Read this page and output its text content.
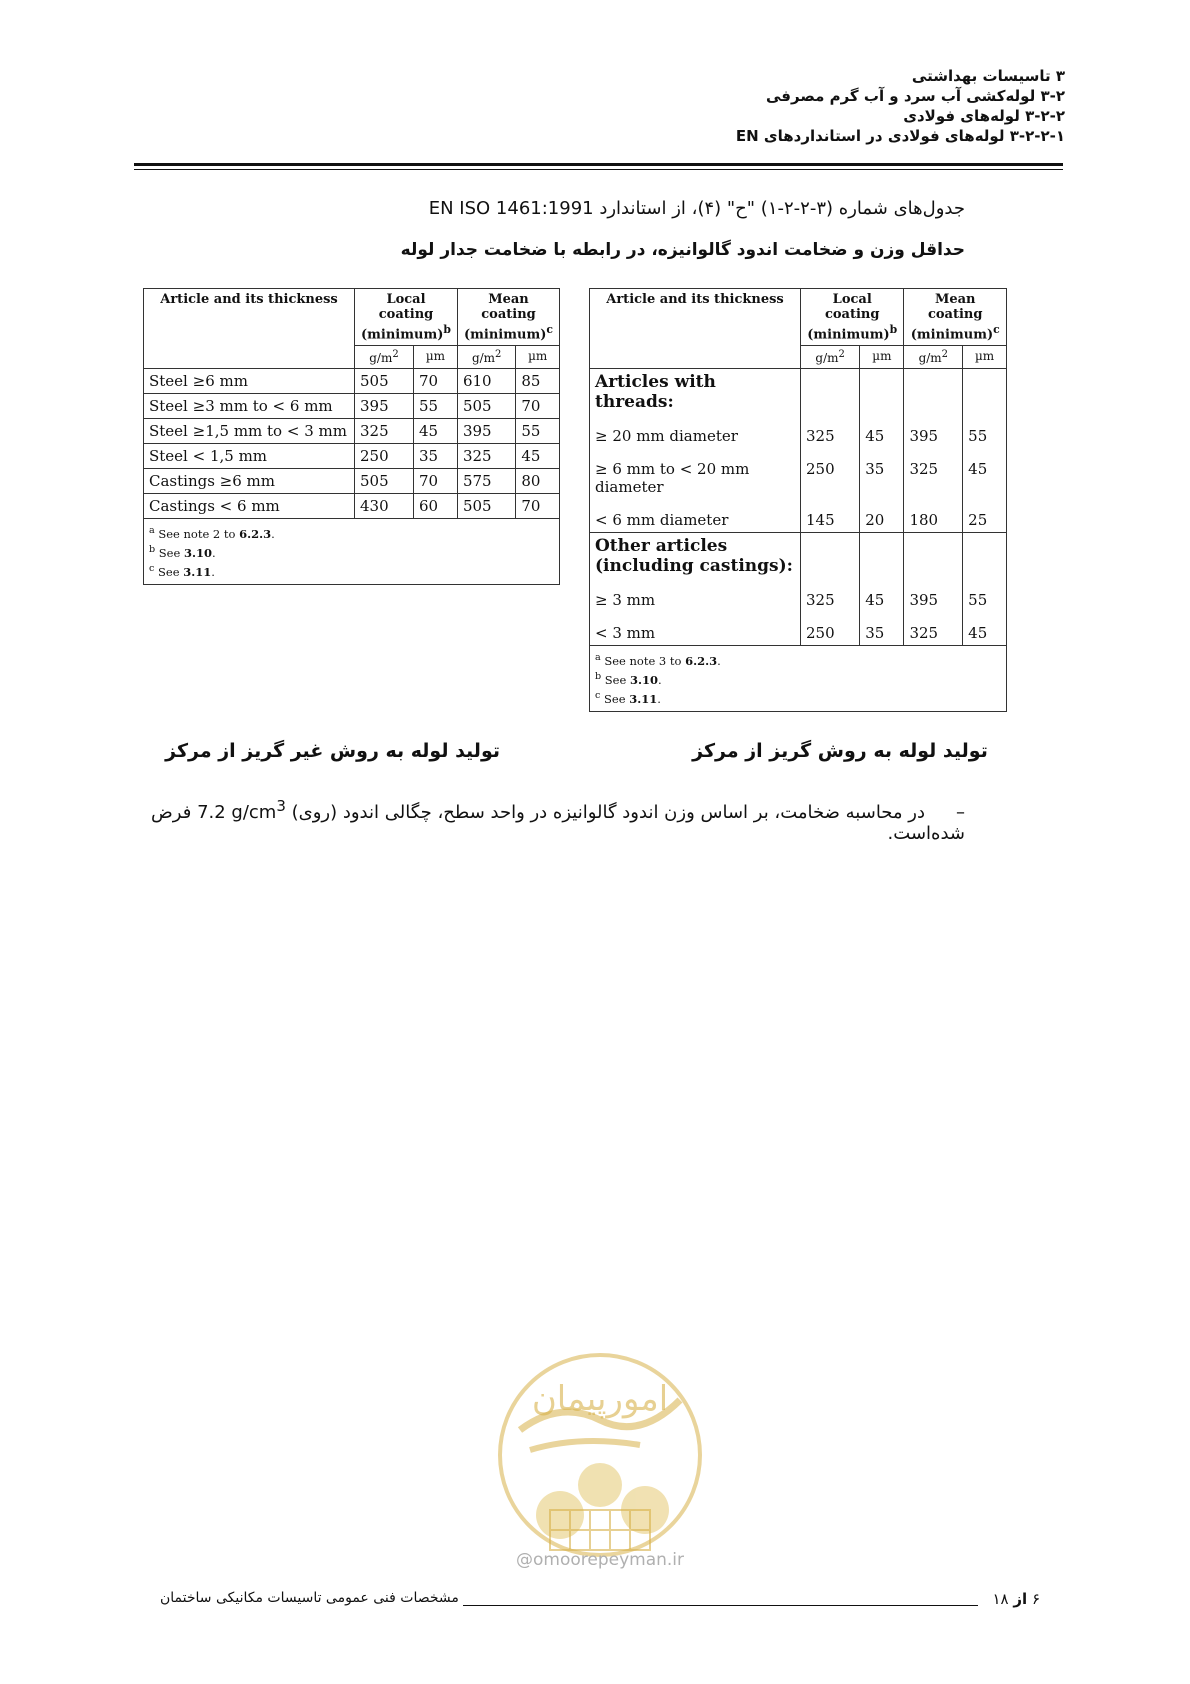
۳ تاسیسات بهداشتی
۳-۲ لوله‌کشی آب سرد و آب گرم مصرفی
۳-۲-۲ لوله‌های فولادی
۳-۲-۲-۱ لوله‌های فولادی در استانداردهای EN
جدول‌های شماره (۳-۲-۲-۱) "ح" (۴)، از استاندارد EN ISO 1461:1991
حداقل وزن و ضخامت اندود گالوانیزه، در رابطه با ضخامت جدار لوله
Article and its thickness	Local coating (minimum)$^b$		Mean coating (minimum)$^c$
	$g/m^2$	µm	$g/m^2$	µm
Steel ≥6 mm	505	70	610	85
Steel ≥3 mm to < 6 mm	395	55	505	70
Steel ≥1,5 mm to < 3 mm	325	45	395	55
Steel < 1,5 mm	250	35	325	45
Castings ≥6 mm	505	70	575	80
Castings < 6 mm	430	60	505	70

$^a$ See note 2 to 6.2.3.
$^b$ See 3.10.
$^c$ See 3.11.				
Article and its thickness	Local coating (minimum)$^b$		Mean coating (minimum)$^c$
	$g/m^2$	µm	$g/m^2$	µm
Articles with threads:				
≥ 20 mm diameter	325	45	395	55
≥ 6 mm to < 20 mm diameter	250	35	325	45
< 6 mm diameter	145	20	180	25
Other articles (including castings):				
≥ 3 mm	325	45	395	55
< 3 mm	250	35	325	45

$^a$ See note 3 to 6.2.3.
$^b$ See 3.10.
$^c$ See 3.11.				
تولید لوله به روش غیر گریز از مرکز	تولید لوله به روش گریز از مرکز
–در محاسبه ضخامت، بر اساس وزن اندود گالوانیزه در واحد سطح، چگالی اندود (روی) 7.2 $g/cm^3$ فرض شده‌است.
امورپیمان
@omoorepeyman.ir
۶ از ۱۸
مشخصات فنی عمومی تاسیسات مکانیکی ساختمان
